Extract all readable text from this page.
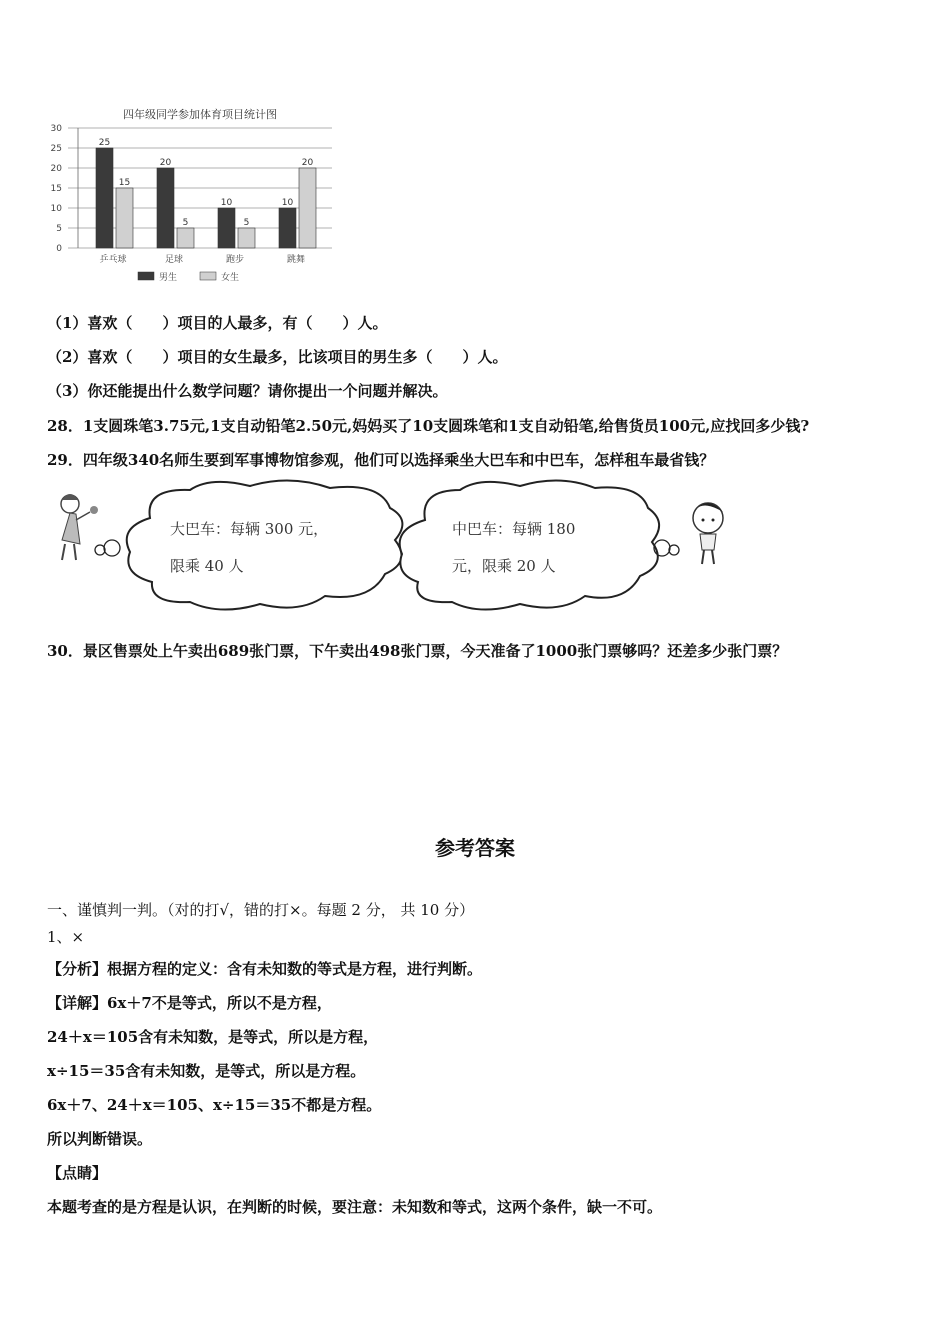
四年级同学参加体育项目统计图
0
5
10
15
20
25
30
25
15
乒乓球
20
5
足球
10
5
跑步
10
20
跳舞
男生	女生
（1）喜欢（　　）项目的人最多，有（　　）人。
（2）喜欢（　　）项目的女生最多，比该项目的男生多（　　）人。
（3）你还能提出什么数学问题？请你提出一个问题并解决。
28．1支圆珠笔3.75元,1支自动铅笔2.50元,妈妈买了10支圆珠笔和1支自动铅笔,给售货员100元,应找回多少钱?
29．四年级340名师生要到军事博物馆参观，他们可以选择乘坐大巴车和中巴车，怎样租车最省钱？
大巴车：每辆 300 元，
限乘 40 人
中巴车：每辆 180
元，限乘 20 人
30．景区售票处上午卖出689张门票，下午卖出498张门票，今天准备了1000张门票够吗？还差多少张门票？
参考答案
一、谨慎判一判。（对的打√，错的打×。每题 2 分， 共 10 分）
1、×
【分析】根据方程的定义：含有未知数的等式是方程，进行判断。
【详解】6x＋7不是等式，所以不是方程，
24＋x＝105含有未知数，是等式，所以是方程，
x÷15＝35含有未知数，是等式，所以是方程。
6x＋7、24＋x＝105、x÷15＝35不都是方程。
所以判断错误。
【点睛】
本题考查的是方程是认识，在判断的时候，要注意：未知数和等式，这两个条件，缺一不可。
